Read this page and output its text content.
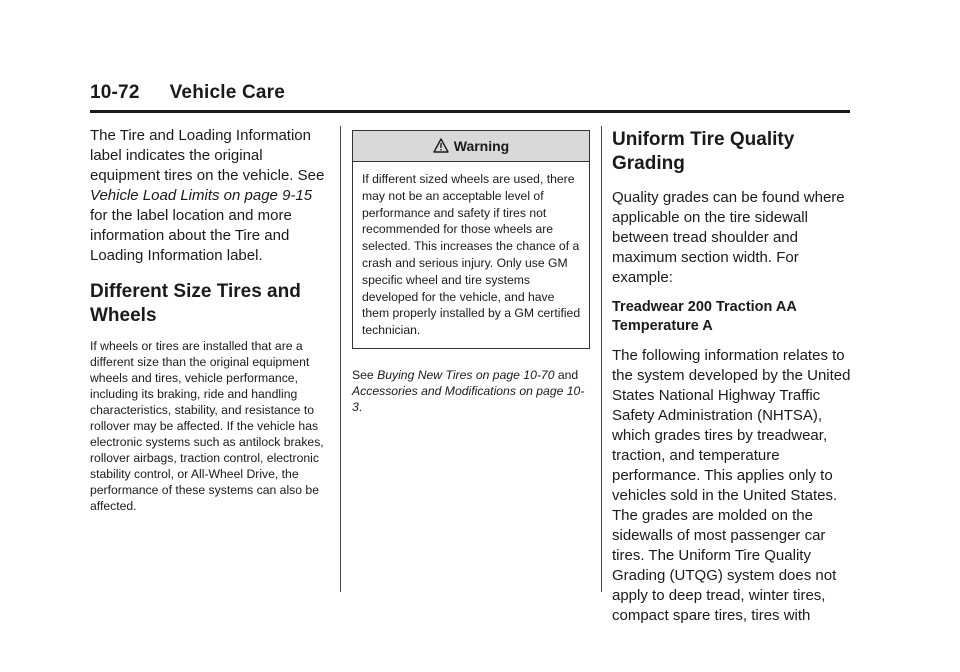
10-72 Vehicle Care

The Tire and Loading Information label indicates the original equipment tires on the vehicle. See Vehicle Load Limits on page 9-15 for the label location and more information about the Tire and Loading Information label.

Different Size Tires and Wheels

If wheels or tires are installed that are a different size than the original equipment wheels and tires, vehicle performance, including its braking, ride and handling characteristics, stability, and resistance to rollover may be affected. If the vehicle has electronic systems such as antilock brakes, rollover airbags, traction control, electronic stability control, or All-Wheel Drive, the performance of these systems can also be affected.

Warning
If different sized wheels are used, there may not be an acceptable level of performance and safety if tires not recommended for those wheels are selected. This increases the chance of a crash and serious injury. Only use GM specific wheel and tire systems developed for the vehicle, and have them properly installed by a GM certified technician.

See Buying New Tires on page 10-70 and Accessories and Modifications on page 10-3.

Uniform Tire Quality Grading

Quality grades can be found where applicable on the tire sidewall between tread shoulder and maximum section width. For example:

Treadwear 200 Traction AA Temperature A

The following information relates to the system developed by the United States National Highway Traffic Safety Administration (NHTSA), which grades tires by treadwear, traction, and temperature performance. This applies only to vehicles sold in the United States. The grades are molded on the sidewalls of most passenger car tires. The Uniform Tire Quality Grading (UTQG) system does not apply to deep tread, winter tires, compact spare tires, tires with
